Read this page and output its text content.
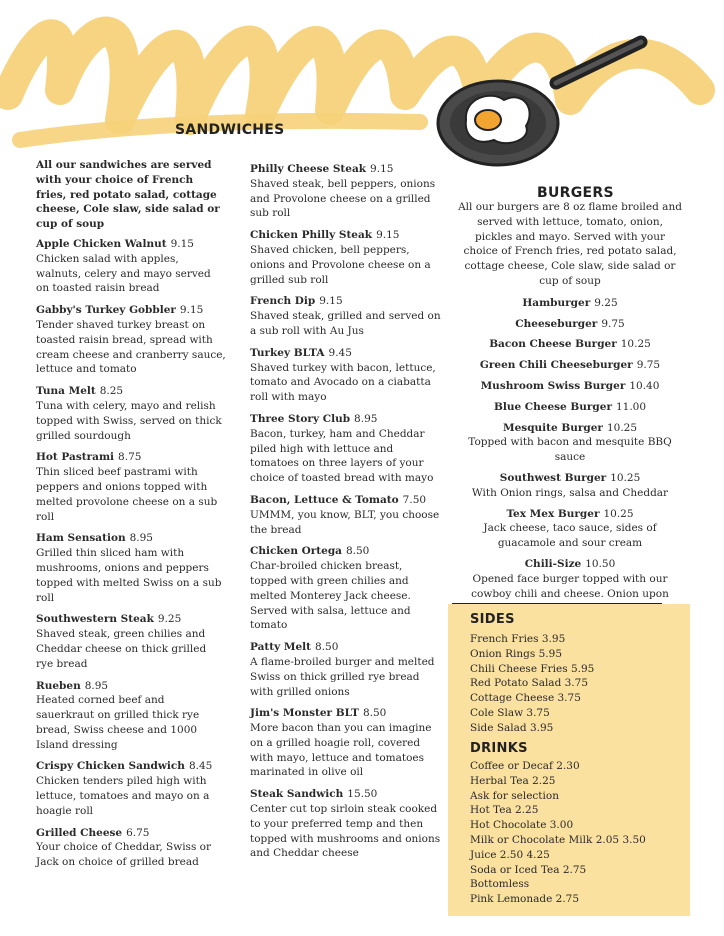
SANDWICHES
All our sandwiches are served with your choice of French fries, red potato salad, cottage cheese, Cole slaw, side salad or cup of soup
Apple Chicken Walnut 9.15
Chicken salad with apples, walnuts, celery and mayo served on toasted raisin bread
Gabby's Turkey Gobbler 9.15
Tender shaved turkey breast on toasted raisin bread, spread with cream cheese and cranberry sauce, lettuce and tomato
Tuna Melt 8.25
Tuna with celery, mayo and relish topped with Swiss, served on thick grilled sourdough
Hot Pastrami 8.75
Thin sliced beef pastrami with peppers and onions topped with melted provolone cheese on a sub roll
Ham Sensation 8.95
Grilled thin sliced ham with mushrooms, onions and peppers topped with melted Swiss on a sub roll
Southwestern Steak 9.25
Shaved steak, green chilies and Cheddar cheese on thick grilled rye bread
Rueben 8.95
Heated corned beef and sauerkraut on grilled thick rye bread, Swiss cheese and 1000 Island dressing
Crispy Chicken Sandwich 8.45
Chicken tenders piled high with lettuce, tomatoes and mayo on a hoagie roll
Grilled Cheese 6.75
Your choice of Cheddar, Swiss or Jack on choice of grilled bread
Philly Cheese Steak 9.15
Shaved steak, bell peppers, onions and Provolone cheese on a grilled sub roll
Chicken Philly Steak 9.15
Shaved chicken, bell peppers, onions and Provolone cheese on a grilled sub roll
French Dip 9.15
Shaved steak, grilled and served on a sub roll with Au Jus
Turkey BLTA 9.45
Shaved turkey with bacon, lettuce, tomato and Avocado on a ciabatta roll with mayo
Three Story Club 8.95
Bacon, turkey, ham and Cheddar piled high with lettuce and tomatoes on three layers of your choice of toasted bread with mayo
Bacon, Lettuce & Tomato 7.50
UMMM, you know, BLT, you choose the bread
Chicken Ortega 8.50
Char-broiled chicken breast, topped with green chilies and melted Monterey Jack cheese. Served with salsa, lettuce and tomato
Patty Melt 8.50
A flame-broiled burger and melted Swiss on thick grilled rye bread with grilled onions
Jim's Monster BLT 8.50
More bacon than you can imagine on a grilled hoagie roll, covered with mayo, lettuce and tomatoes marinated in olive oil
Steak Sandwich 15.50
Center cut top sirloin steak cooked to your preferred temp and then topped with mushrooms and onions and Cheddar cheese
BURGERS
All our burgers are 8 oz flame broiled and served with lettuce, tomato, onion, pickles and mayo. Served with your choice of French fries, red potato salad, cottage cheese, Cole slaw, side salad or cup of soup
Hamburger 9.25
Cheeseburger 9.75
Bacon Cheese Burger 10.25
Green Chili Cheeseburger 9.75
Mushroom Swiss Burger 10.40
Blue Cheese Burger 11.00
Mesquite Burger 10.25
Topped with bacon and mesquite BBQ sauce
Southwest Burger 10.25
With Onion rings, salsa and Cheddar
Tex Mex Burger 10.25
Jack cheese, taco sauce, sides of guacamole and sour cream
Chili-Size 10.50
Opened face burger topped with our cowboy chili and cheese. Onion upon
SIDES
French Fries 3.95
Onion Rings 5.95
Chili Cheese Fries 5.95
Red Potato Salad 3.75
Cottage Cheese 3.75
Cole Slaw 3.75
Side Salad 3.95
DRINKS
Coffee or Decaf 2.30
Herbal Tea 2.25
Ask for selection
Hot Tea 2.25
Hot Chocolate 3.00
Milk or Chocolate Milk 2.05 3.50
Juice 2.50 4.25
Soda or Iced Tea 2.75
Bottomless
Pink Lemonade 2.75
